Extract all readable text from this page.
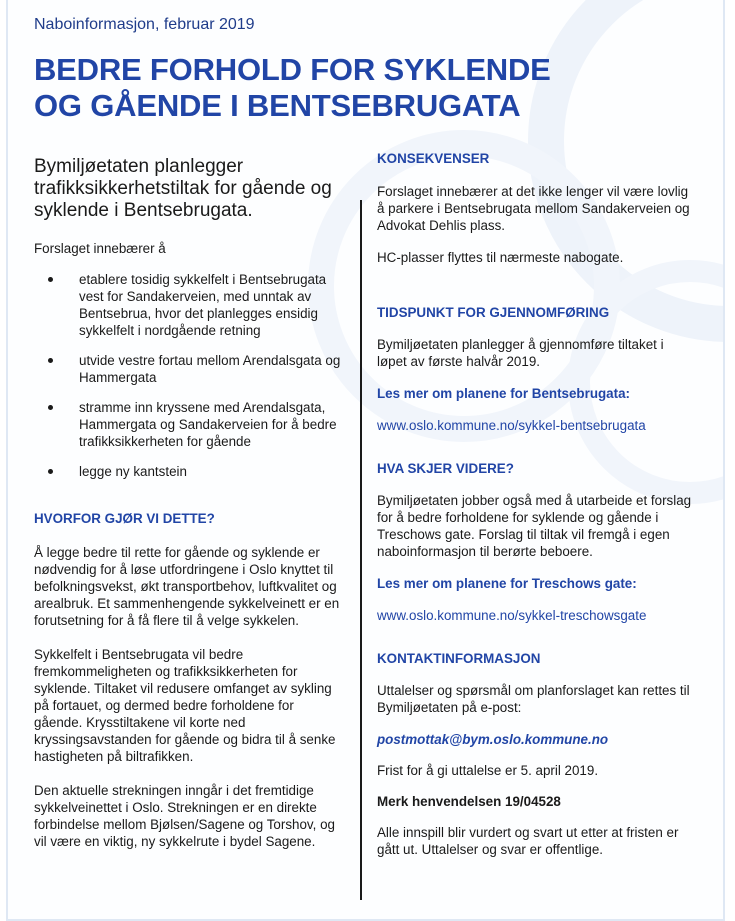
Naboinformasjon, februar 2019
BEDRE FORHOLD FOR SYKLENDE
OG GÅENDE I BENTSEBRUGATA

Bymiljøetaten planlegger trafikksikkerhetstiltak for gående og syklende i Bentsebrugata.

Forslaget innebærer å

etablere tosidig sykkelfelt i Bentsebrugata vest for Sandakerveien, med unntak av Bentsebrua, hvor det planlegges ensidig sykkelfelt i nordgående retning
utvide vestre fortau mellom Arendalsgata og Hammergata
stramme inn kryssene med Arendalsgata, Hammergata og Sandakerveien for å bedre trafikksikkerheten for gående
legge ny kantstein

HVORFOR GJØR VI DETTE?

Å legge bedre til rette for gående og syklende er nødvendig for å løse utfordringene i Oslo knyttet til befolkningsvekst, økt transportbehov, luftkvalitet og arealbruk. Et sammenhengende sykkelveinett er en forutsetning for å få flere til å velge sykkelen.

Sykkelfelt i Bentsebrugata vil bedre fremkommeligheten og trafikksikkerheten for syklende. Tiltaket vil redusere omfanget av sykling på fortauet, og dermed bedre forholdene for gående. Krysstiltakene vil korte ned kryssingsavstanden for gående og bidra til å senke hastigheten på biltrafikken.

Den aktuelle strekningen inngår i det fremtidige sykkelveinettet i Oslo. Strekningen er en direkte forbindelse mellom Bjølsen/Sagene og Torshov, og vil være en viktig, ny sykkelrute i bydel Sagene.

KONSEKVENSER

Forslaget innebærer at det ikke lenger vil være lovlig å parkere i Bentsebrugata mellom Sandakerveien og Advokat Dehlis plass.

HC-plasser flyttes til nærmeste nabogate.

TIDSPUNKT FOR GJENNOMFØRING

Bymiljøetaten planlegger å gjennomføre tiltaket i løpet av første halvår 2019.

Les mer om planene for Bentsebrugata:

www.oslo.kommune.no/sykkel-bentsebrugata

HVA SKJER VIDERE?

Bymiljøetaten jobber også med å utarbeide et forslag for å bedre forholdene for syklende og gående i Treschows gate. Forslag til tiltak vil fremgå i egen naboinformasjon til berørte beboere.

Les mer om planene for Treschows gate:

www.oslo.kommune.no/sykkel-treschowsgate

KONTAKTINFORMASJON

Uttalelser og spørsmål om planforslaget kan rettes til Bymiljøetaten på e-post:

postmottak@bym.oslo.kommune.no

Frist for å gi uttalelse er 5. april 2019.

Merk henvendelsen 19/04528

Alle innspill blir vurdert og svart ut etter at fristen er gått ut. Uttalelser og svar er offentlige.
